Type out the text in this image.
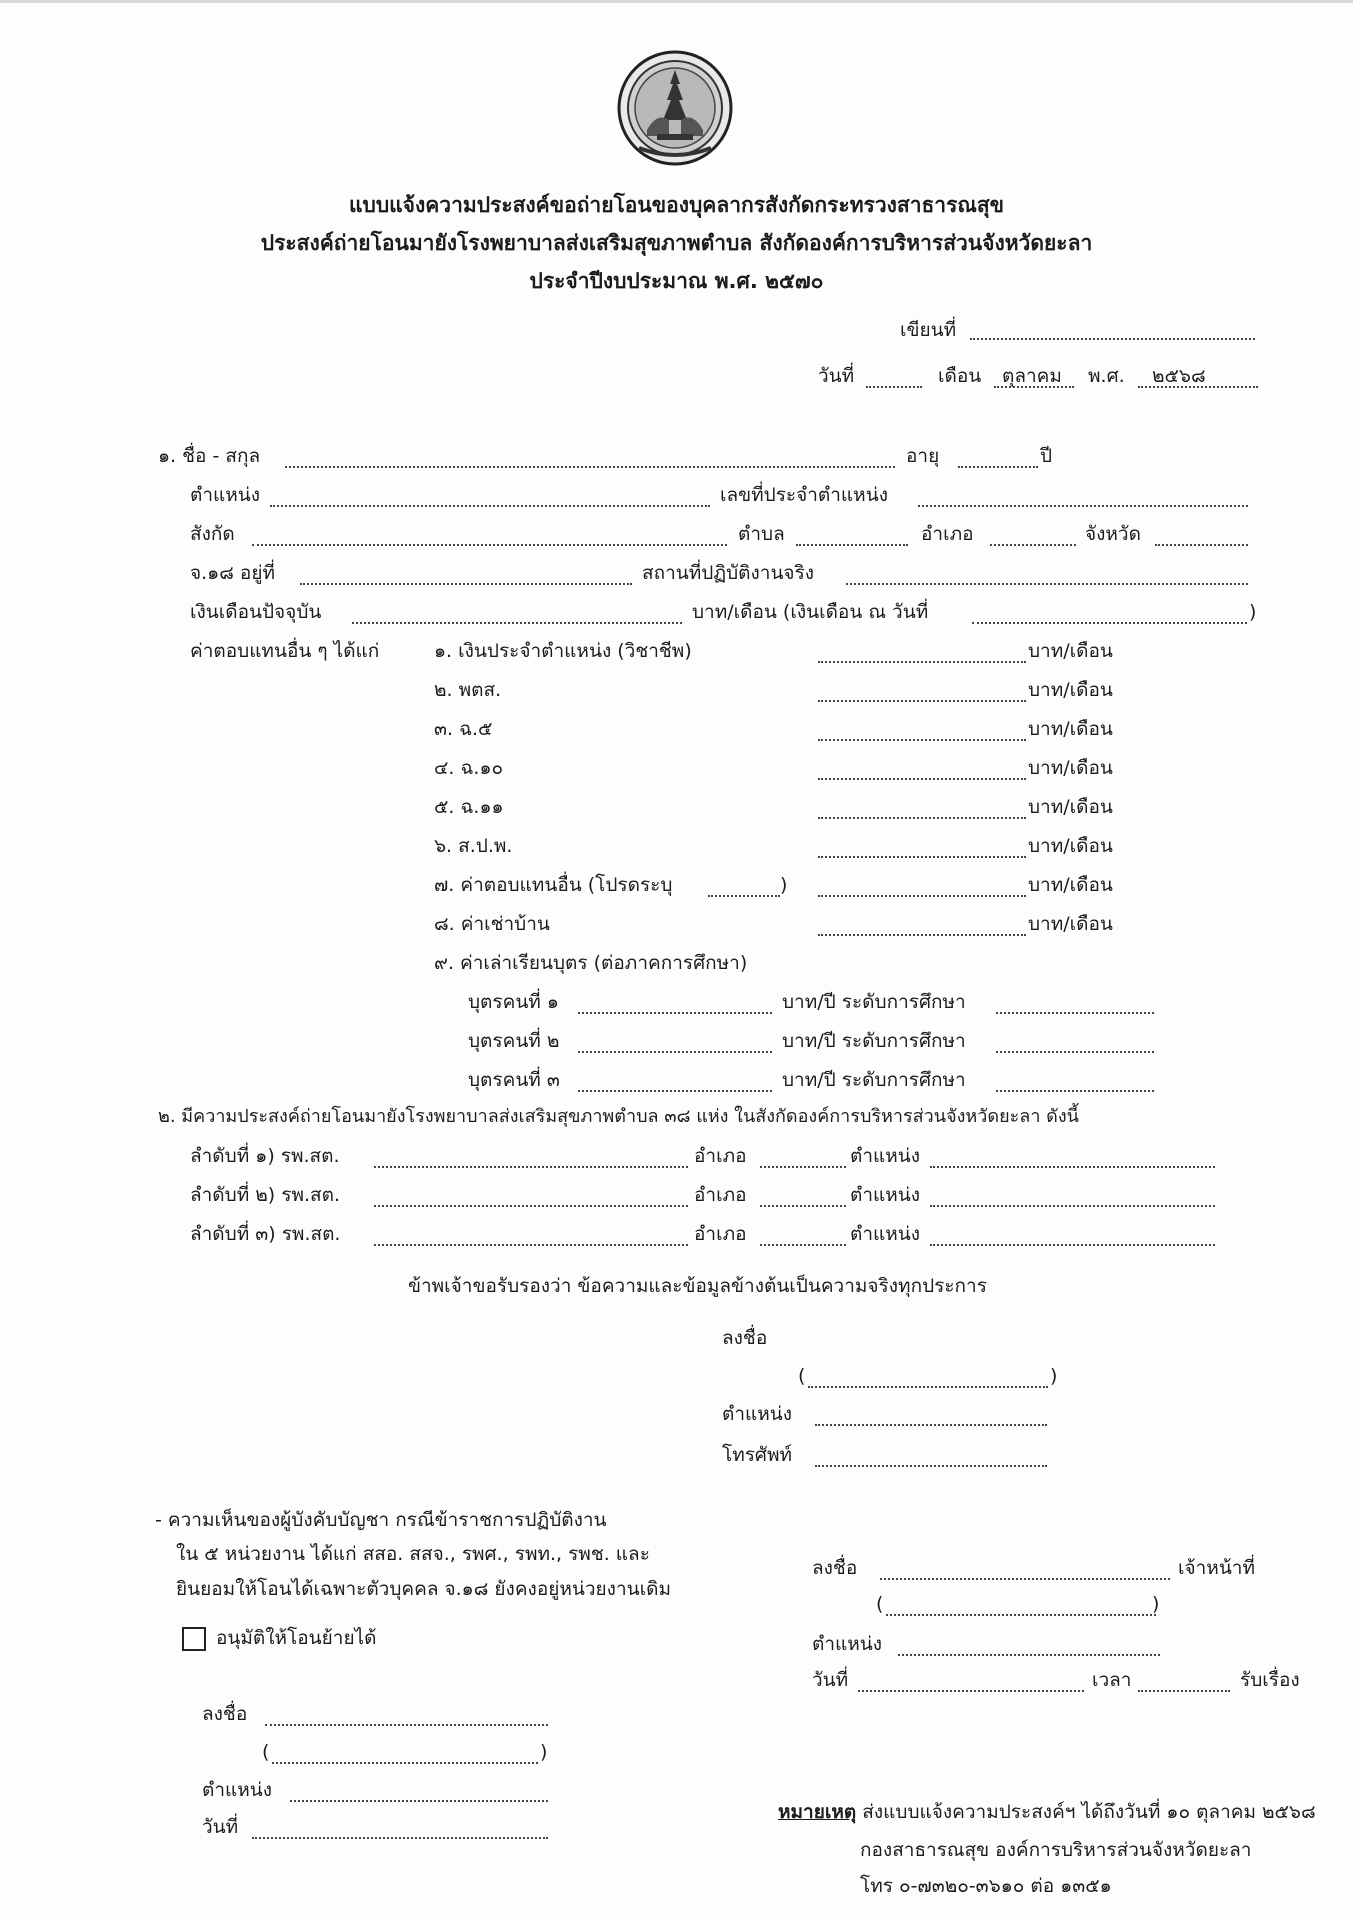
แบบแจ้งความประสงค์ขอถ่ายโอนของบุคลากรสังกัดกระทรวงสาธารณสุข
ประสงค์ถ่ายโอนมายังโรงพยาบาลส่งเสริมสุขภาพตำบล สังกัดองค์การบริหารส่วนจังหวัดยะลา
ประจำปีงบประมาณ พ.ศ. ๒๕๗๐
เขียนที่
วันที่	เดือน ตุลาคม พ.ศ. ๒๕๖๘
๑. ชื่อ - สกุล	อายุ	ปี
ตำแหน่ง	เลขที่ประจำตำแหน่ง
สังกัด	ตำบล	อำเภอ	จังหวัด
จ.๑๘ อยู่ที่	สถานที่ปฏิบัติงานจริง
เงินเดือนปัจจุบัน	บาท/เดือน (เงินเดือน ณ วันที่	)
ค่าตอบแทนอื่น ๆ ได้แก่	๑. เงินประจำตำแหน่ง (วิชาชีพ)	บาท/เดือน
๒. พตส.	บาท/เดือน
๓. ฉ.๕	บาท/เดือน
๔. ฉ.๑๐	บาท/เดือน
๕. ฉ.๑๑	บาท/เดือน
๖. ส.ป.พ.	บาท/เดือน
๗. ค่าตอบแทนอื่น (โปรดระบุ	)	บาท/เดือน
๘. ค่าเช่าบ้าน	บาท/เดือน
๙. ค่าเล่าเรียนบุตร (ต่อภาคการศึกษา)
บุตรคนที่ ๑	บาท/ปี ระดับการศึกษา
บุตรคนที่ ๒	บาท/ปี ระดับการศึกษา
บุตรคนที่ ๓	บาท/ปี ระดับการศึกษา
๒. มีความประสงค์ถ่ายโอนมายังโรงพยาบาลส่งเสริมสุขภาพตำบล ๓๘ แห่ง ในสังกัดองค์การบริหารส่วนจังหวัดยะลา ดังนี้
ลำดับที่ ๑) รพ.สต.	อำเภอ	ตำแหน่ง
ลำดับที่ ๒) รพ.สต.	อำเภอ	ตำแหน่ง
ลำดับที่ ๓) รพ.สต.	อำเภอ	ตำแหน่ง
ข้าพเจ้าขอรับรองว่า ข้อความและข้อมูลข้างต้นเป็นความจริงทุกประการ
ลงชื่อ
(	)
ตำแหน่ง
โทรศัพท์
- ความเห็นของผู้บังคับบัญชา กรณีข้าราชการปฏิบัติงาน
ใน ๕ หน่วยงาน ได้แก่ สสอ. สสจ., รพศ., รพท., รพช. และ
ยินยอมให้โอนได้เฉพาะตัวบุคคล จ.๑๘ ยังคงอยู่หน่วยงานเดิม
อนุมัติให้โอนย้ายได้
ลงชื่อ
(	)
ตำแหน่ง
วันที่
ลงชื่อ	เจ้าหน้าที่
(	)
ตำแหน่ง
วันที่	เวลา	รับเรื่อง
หมายเหตุ ส่งแบบแจ้งความประสงค์ฯ ได้ถึงวันที่ ๑๐ ตุลาคม ๒๕๖๘
กองสาธารณสุข องค์การบริหารส่วนจังหวัดยะลา
โทร ๐-๗๓๒๐-๓๖๑๐ ต่อ ๑๓๕๑
